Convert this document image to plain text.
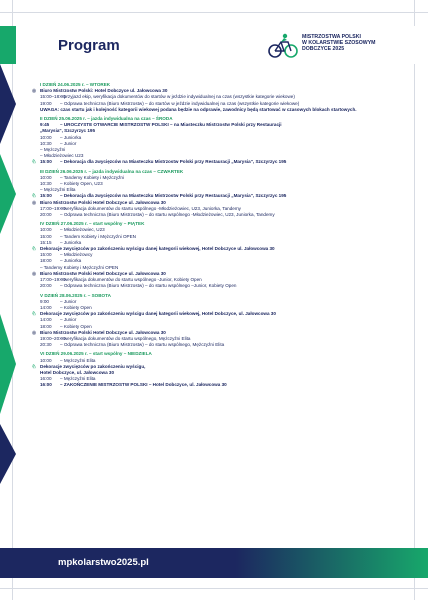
Program	MISTRZOSTWA POLSKI
W KOLARSTWIE SZOSOWYM
DOBCZYCE 2025
I DZIEŃ 24.06.2025 r. – WTOREK
◉ Biuro Mistrzostw Polski: Hotel Dobczyce ul. Jałowcowa 30
15:00–18:00– przyjazd ekip, weryfikacja dokumentów do startów w jeździe indywidualnej na czas (wszystkie kategorie wiekowe)
19:00 – Odprawa techniczna (Biuro Mistrzostw) – do startów w jeździe indywidualnej na czas (wszystkie kategorie wiekowe)
UWAGA: czas startu jak i kolejność kategorii wiekowej podana będzie na odprawie, zawodnicy będą startować w czasowych blokach startowych.
II DZIEŃ 25.06.2025 r. – jazda indywidualna na czas – ŚRODA
9:45 – UROCZYSTE OTWARCIE MISTRZOSTW POLSKI – na Miasteczku Mistrzostw Polski przy Restauracji
„Marysia", Szczyrzyc 195
10:00 – Juniorka
10:30 – Junior
– Mężczyźni
– Młodzieżowiec U23
♘ 15:00 – Dekoracja dla zwycięzców na Miasteczku Mistrzostw Polski przy Restauracji „Marysia", Szczyrzyc 195
III DZIEŃ 26.06.2025 r. – jazda indywidualna na czas – CZWARTEK
10:00 – Tandemy Kobiety i Mężczyźni
10:30 – Kobiety Open, U23
– Mężczyźni Elita
♘ 15:00 – Dekoracja dla zwycięzców na Miasteczku Mistrzostw Polski przy Restauracji „Marysia", Szczyrzyc 195
◉ Biuro Mistrzostw Polski Hotel Dobczyce ul. Jałowcowa 30
17:00–19:00– weryfikacja dokumentów do startu wspólnego -Młodzieżowiec, U23, Juniorka, Tandemy
20:00 – Odprawa techniczna (Biuro Mistrzostw) – do startu wspólnego -Młodzieżowiec, U23, Juniorka, Tandemy
IV DZIEŃ 27.06.2025 r. – start wspólny – PIĄTEK
10:00 – Młodzieżowiec, U23
15:00 – Tandem Kobiety i Mężczyźni OPEN
15:15 – Juniorka
♘ Dekoracje zwycięzców po zakończeniu wyścigu danej kategorii wiekowej, Hotel Dobczyce ul. Jałowcowa 30
15:00 – Młodzieżowcy
18:00 – Juniorka
– Tandemy Kobiety i Mężczyźni OPEN
◉ Biuro Mistrzostw Polski Hotel Dobczyce ul. Jałowcowa 30
17:00–19:00– weryfikacja dokumentów do startu wspólnego -Junior, Kobiety Open
20:00 – Odprawa techniczna (Biuro Mistrzostw) – do startu wspólnego –Junior, Kobiety Open
V DZIEŃ 28.06.2025 r. – SOBOTA
9:00 – Junior
14:00 – Kobiety Open
♘ Dekoracje zwycięzców po zakończeniu wyścigu danej kategorii wiekowej, Hotel Dobczyce, ul. Jałowcowa 30
14:00 – Junior
18:00 – Kobiety Open
◉ Biuro Mistrzostw Polski Hotel Dobczyce ul. Jałowcowa 30
19:00–20:00– weryfikacja dokumentów do startu wspólnego, Mężczyźni Elita
20:30 – Odprawa techniczna (Biuro Mistrzostw) – do startu wspólnego, Mężczyźni Elita
VI DZIEŃ 29.06.2025 r. – start wspólny – NIEDZIELA
10:00 – Mężczyźni Elita
♘ Dekoracje zwycięzców po zakończeniu wyścigu,
Hotel Dobczyce, ul. Jałowcowa 30
16:00 – Mężczyźni Elita
16:00 – ZAKOŃCZENIE MISTRZOSTW POLSKI – Hotel Dobczyce, ul. Jałowcowa 30
mpkolarstwo2025.pl
